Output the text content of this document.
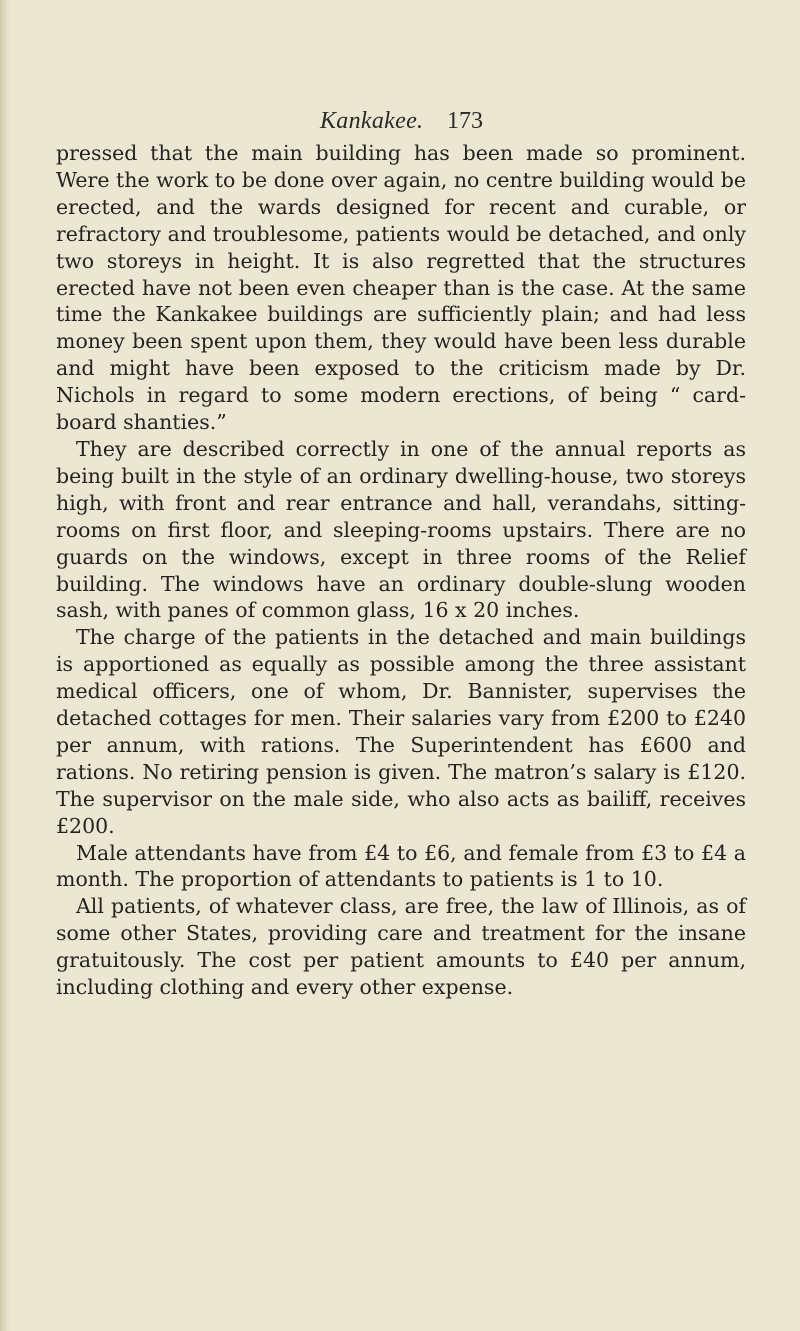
Kankakee. 173

pressed that the main building has been made so prominent. Were the work to be done over again, no centre building would be erected, and the wards designed for recent and curable, or refractory and troublesome, patients would be detached, and only two storeys in height. It is also regretted that the structures erected have not been even cheaper than is the case. At the same time the Kankakee buildings are sufficiently plain; and had less money been spent upon them, they would have been less durable and might have been exposed to the criticism made by Dr. Nichols in regard to some modern erections, of being “ card-board shanties.”

They are described correctly in one of the annual reports as being built in the style of an ordinary dwelling-house, two storeys high, with front and rear entrance and hall, verandahs, sitting-rooms on first floor, and sleeping-rooms upstairs. There are no guards on the windows, except in three rooms of the Relief building. The windows have an ordinary double-slung wooden sash, with panes of common glass, 16 x 20 inches.

The charge of the patients in the detached and main buildings is apportioned as equally as possible among the three assistant medical officers, one of whom, Dr. Bannister, supervises the detached cottages for men. Their salaries vary from £200 to £240 per annum, with rations. The Superintendent has £600 and rations. No retiring pension is given. The matron’s salary is £120. The supervisor on the male side, who also acts as bailiff, receives £200.

Male attendants have from £4 to £6, and female from £3 to £4 a month. The proportion of attendants to patients is 1 to 10.

All patients, of whatever class, are free, the law of Illinois, as of some other States, providing care and treatment for the insane gratuitously. The cost per patient amounts to £40 per annum, including clothing and every other expense.
